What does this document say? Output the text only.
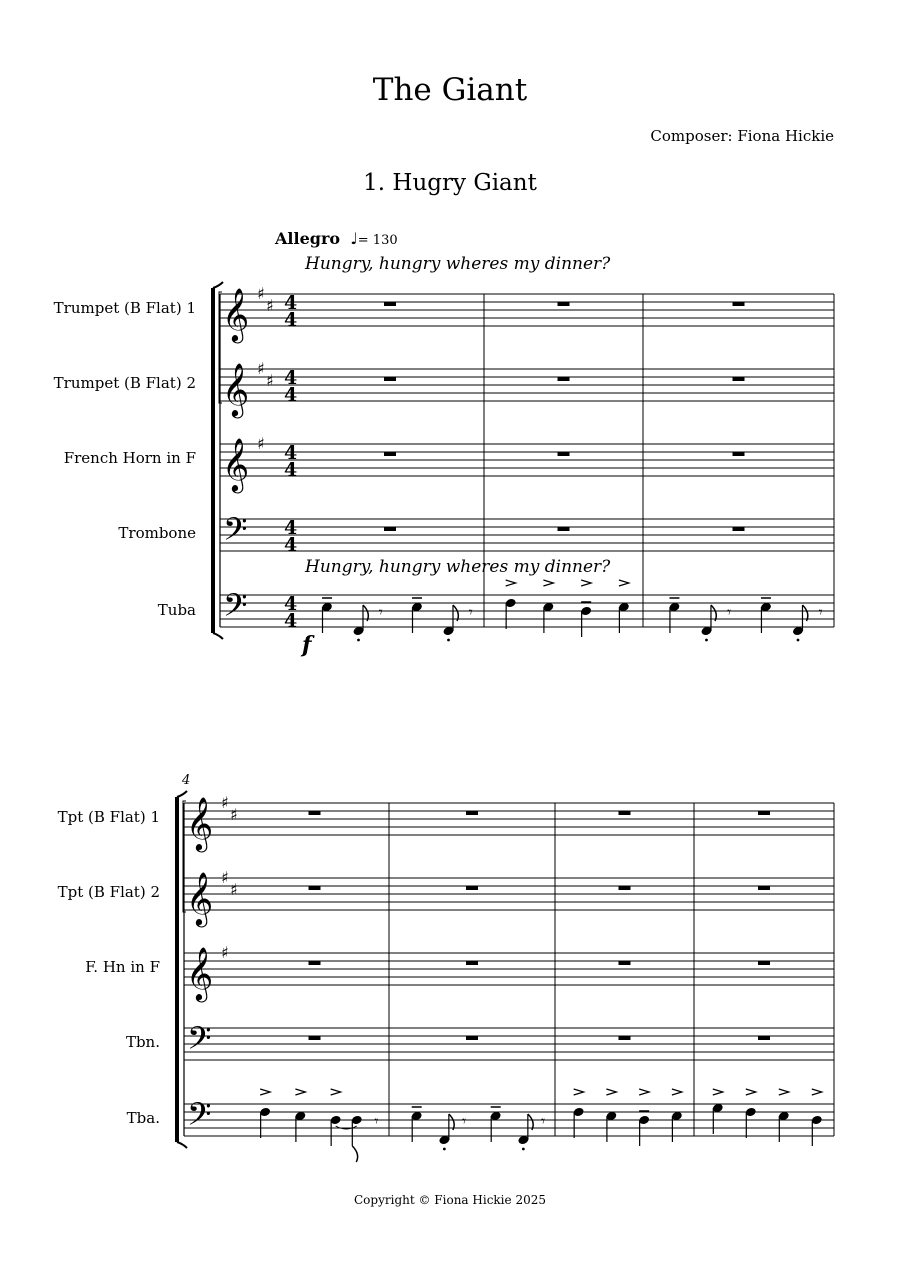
The Giant
Composer: Fiona Hickie
1. Hugry Giant
Allegro  ♩= 130
Hungry, hungry wheres my dinner?
Hungry, hungry wheres my dinner?
4
Trumpet (B Flat) 1
Trumpet (B Flat) 2
French Horn in F
Trombone
Tuba
Tpt (B Flat) 1
Tpt (B Flat) 2
F. Hn in F
Tbn.
Tba.
Copyright © Fiona Hickie 2025
𝄞 ♯
♯ 4
4
𝄞 ♯
♯ 4
4
𝄞 ♯ 4
4
𝄢 4
4
𝄢 4
4	𝄾	𝄾	𝄾	𝄾
𝄞 ♯
♯
𝄞 ♯
♯
𝄞 ♯
𝄢
𝄢	𝄾	𝄾	𝄾
f
